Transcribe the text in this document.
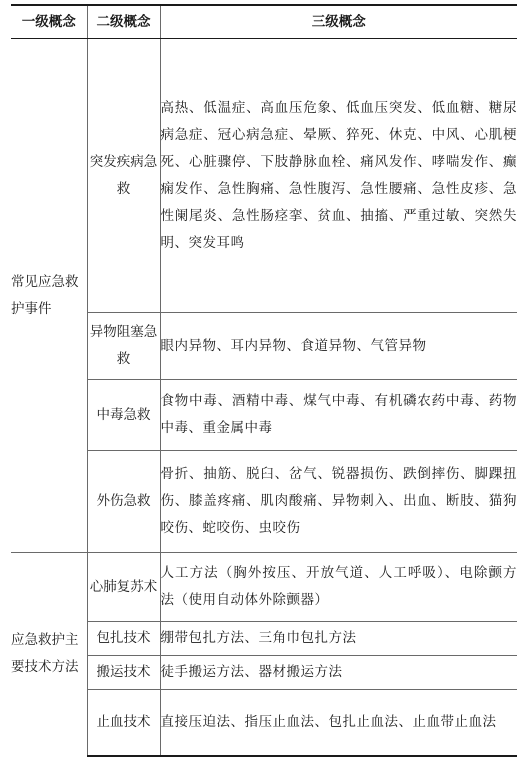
一级概念	二级概念	三级概念
常见应急救护事件	突发疾病急救	高热、低温症、高血压危象、低血压突发、低血糖、糖尿病急症、冠心病急症、晕厥、猝死、休克、中风、心肌梗死、心脏骤停、下肢静脉血栓、痛风发作、哮喘发作、癫痫发作、急性胸痛、急性腹泻、急性腰痛、急性皮疹、急性阑尾炎、急性肠痉挛、贫血、抽搐、严重过敏、突然失明、突发耳鸣

	异物阻塞急救	眼内异物、耳内异物、食道异物、气管异物

	中毒急救	食物中毒、酒精中毒、煤气中毒、有机磷农药中毒、药物中毒、重金属中毒

	外伤急救	骨折、抽筋、脱臼、岔气、锐器损伤、跌倒摔伤、脚踝扭伤、膝盖疼痛、肌肉酸痛、异物刺入、出血、断肢、猫狗咬伤、蛇咬伤、虫咬伤

应急救护主要技术方法	心肺复苏术	人工方法（胸外按压、开放气道、人工呼吸）、电除颤方法（使用自动体外除颤器）

	包扎技术	绷带包扎方法、三角巾包扎方法

	搬运技术	徒手搬运方法、器材搬运方法

	止血技术	直接压迫法、指压止血法、包扎止血法、止血带止血法
